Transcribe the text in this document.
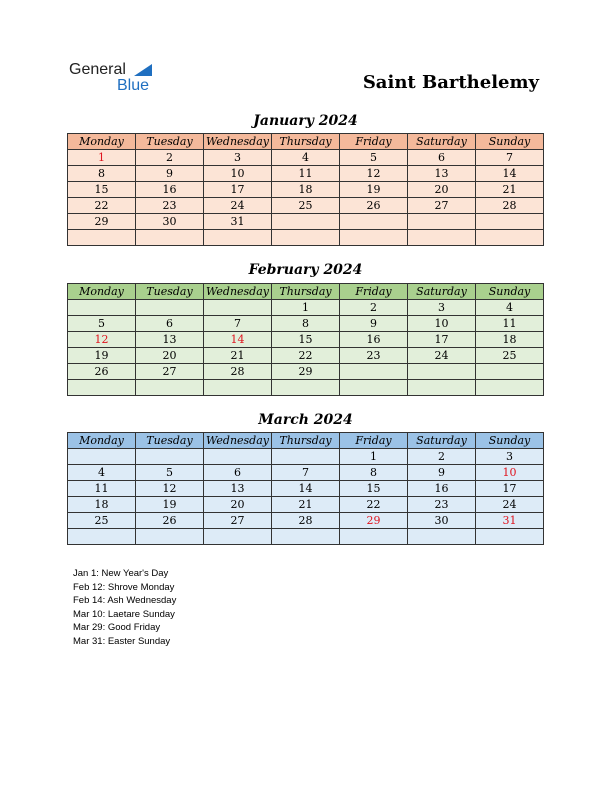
General
Blue	Saint Barthelemy
January 2024
Monday	Tuesday	Wednesday	Thursday	Friday	Saturday	Sunday
1	2	3	4	5	6	7
8	9	10	11	12	13	14
15	16	17	18	19	20	21
22	23	24	25	26	27	28
29	30	31				

February 2024
Monday	Tuesday	Wednesday	Thursday	Friday	Saturday	Sunday
			1	2	3	4
5	6	7	8	9	10	11
12	13	14	15	16	17	18
19	20	21	22	23	24	25
26	27	28	29			

March 2024
Monday	Tuesday	Wednesday	Thursday	Friday	Saturday	Sunday
				1	2	3
4	5	6	7	8	9	10
11	12	13	14	15	16	17
18	19	20	21	22	23	24
25	26	27	28	29	30	31

Jan 1: New Year's Day
Feb 12: Shrove Monday
Feb 14: Ash Wednesday
Mar 10: Laetare Sunday
Mar 29: Good Friday
Mar 31: Easter Sunday
